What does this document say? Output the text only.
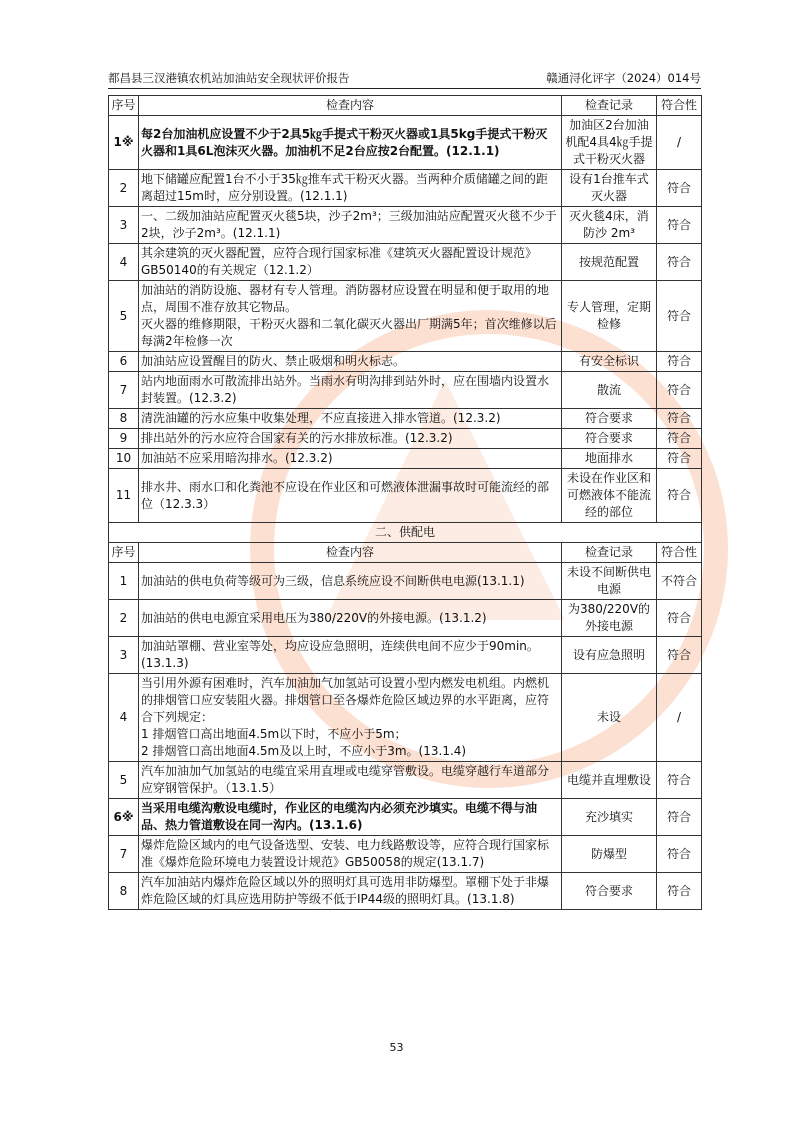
都昌县三汊港镇农机站加油站安全现状评价报告	赣通浔化评字（2024）014号
序号	检查内容	检查记录	符合性
1※	每2台加油机应设置不少于2具5㎏手提式干粉灭火器或1具5kg手提式干粉灭火器和1具6L泡沫灭火器。加油机不足2台应按2台配置。(12.1.1)	加油区2台加油机配4具4㎏手提式干粉灭火器	/
2	地下储罐应配置1台不小于35㎏推车式干粉灭火器。当两种介质储罐之间的距离超过15m时，应分别设置。(12.1.1)	设有1台推车式灭火器	符合
3	一、二级加油站应配置灭火毯5块，沙子2m³；三级加油站应配置灭火毯不少于2块，沙子2m³。(12.1.1)	灭火毯4床，消防沙 2m³	符合
4	其余建筑的灭火器配置，应符合现行国家标准《建筑灭火器配置设计规范》GB50140的有关规定（12.1.2）	按规范配置	符合
5	加油站的消防设施、器材有专人管理。消防器材应设置在明显和便于取用的地点，周围不准存放其它物品。
灭火器的维修期限，干粉灭火器和二氧化碳灭火器出厂期满5年；首次维修以后每满2年检修一次	专人管理，定期检修	符合
6	加油站应设置醒目的防火、禁止吸烟和明火标志。	有安全标识	符合
7	站内地面雨水可散流排出站外。当雨水有明沟排到站外时，应在围墙内设置水封装置。(12.3.2)	散流	符合
8	清洗油罐的污水应集中收集处理，不应直接进入排水管道。(12.3.2)	符合要求	符合
9	排出站外的污水应符合国家有关的污水排放标准。(12.3.2)	符合要求	符合
10	加油站不应采用暗沟排水。(12.3.2)	地面排水	符合
11	排水井、雨水口和化粪池不应设在作业区和可燃液体泄漏事故时可能流经的部位（12.3.3）	未设在作业区和可燃液体不能流经的部位	符合
二、供配电			
序号	检查内容	检查记录	符合性
1	加油站的供电负荷等级可为三级，信息系统应设不间断供电电源(13.1.1)	未设不间断供电电源	不符合
2	加油站的供电电源宜采用电压为380/220V的外接电源。(13.1.2)	为380/220V的外接电源	符合
3	加油站罩棚、营业室等处，均应设应急照明，连续供电间不应少于90min。(13.1.3)	设有应急照明	符合
4	当引用外源有困难时，汽车加油加气加氢站可设置小型内燃发电机组。内燃机的排烟管口应安装阻火器。排烟管口至各爆炸危险区域边界的水平距离，应符合下列规定：
1 排烟管口高出地面4.5m以下时，不应小于5m；
2 排烟管口高出地面4.5m及以上时，不应小于3m。(13.1.4)	未设	/
5	汽车加油加气加氢站的电缆宜采用直埋或电缆穿管敷设。电缆穿越行车道部分应穿钢管保护。（13.1.5）	电缆并直埋敷设	符合
6※	当采用电缆沟敷设电缆时，作业区的电缆沟内必须充沙填实。电缆不得与油品、热力管道敷设在同一沟内。(13.1.6)	充沙填实	符合
7	爆炸危险区域内的电气设备选型、安装、电力线路敷设等，应符合现行国家标准《爆炸危险环境电力装置设计规范》GB50058的规定(13.1.7)	防爆型	符合
8	汽车加油站内爆炸危险区域以外的照明灯具可选用非防爆型。罩棚下处于非爆炸危险区域的灯具应选用防护等级不低于IP44级的照明灯具。(13.1.8)	符合要求	符合
53
